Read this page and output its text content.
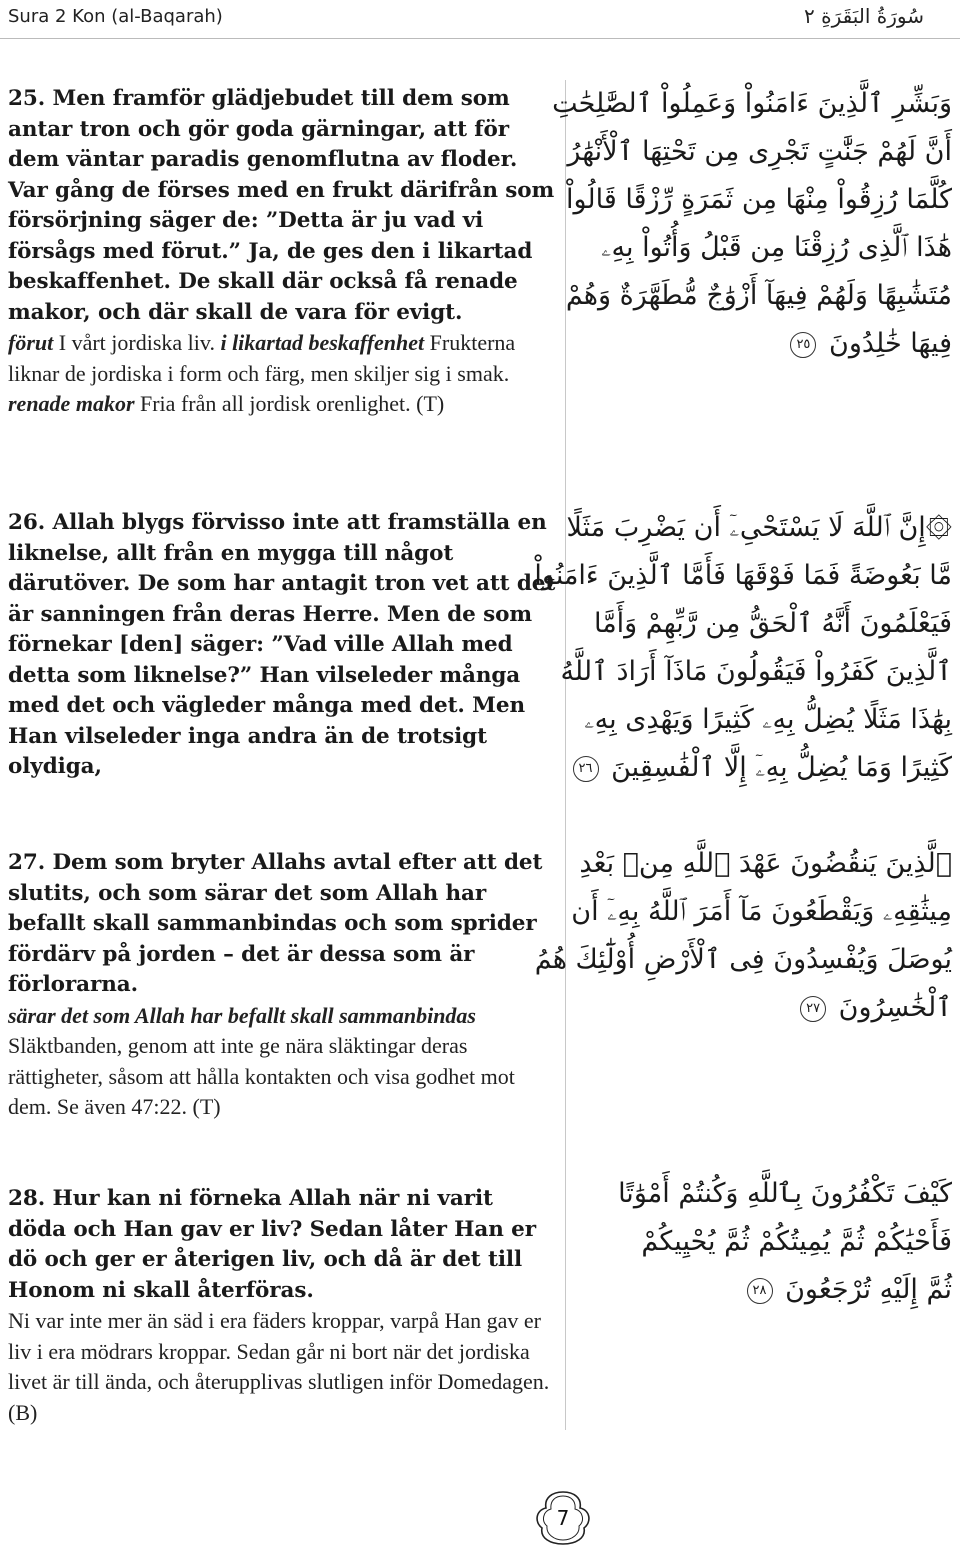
Sura 2 Kon (al-Baqarah)	سُورَةُ البَقَرَةِ ٢
25. Men framför glädjebudet till dem som antar tron och gör goda gärningar, att för dem väntar paradis genomflutna av floder. Var gång de förses med en frukt därifrån som försörjning säger de: ”Detta är ju vad vi försågs med förut.” Ja, de ges den i likartad beskaffenhet. De skall där också få renade makor, och där skall de vara för evigt.
förut I vårt jordiska liv. i likartad beskaffenhet Frukterna liknar de jordiska i form och färg, men skiljer sig i smak. renade makor Fria från all jordisk orenlighet. (T)
26. Allah blygs förvisso inte att framställa en liknelse, allt från en mygga till något därutöver. De som har antagit tron vet att det är sanningen från deras Herre. Men de som förnekar [den] säger: ”Vad ville Allah med detta som liknelse?” Han vilseleder många med det och vägleder många med det. Men Han vilseleder inga andra än de trotsigt olydiga,
27. Dem som bryter Allahs avtal efter att det slutits, och som särar det som Allah har befallt skall sammanbindas och som sprider fördärv på jorden – det är dessa som är förlorarna.
särar det som Allah har befallt skall sammanbindas Släktbanden, genom att inte ge nära släktingar deras rättigheter, såsom att hålla kontakten och visa godhet mot dem. Se även 47:22. (T)
28. Hur kan ni förneka Allah när ni varit döda och Han gav er liv? Sedan låter Han er dö och ger er återigen liv, och då är det till Honom ni skall återföras.
Ni var inte mer än säd i era fäders kroppar, varpå Han gav er liv i era mödrars kroppar. Sedan går ni bort när det jordiska livet är till ända, och återupplivas slutligen inför Domedagen. (B)
وَبَشِّرِ ٱلَّذِينَ ءَامَنُواْ وَعَمِلُواْ ٱلصَّٰلِحَٰتِ
أَنَّ لَهُمْ جَنَّٰتٍ تَجْرِى مِن تَحْتِهَا ٱلْأَنْهَٰرُ
كُلَّمَا رُزِقُواْ مِنْهَا مِن ثَمَرَةٍ رِّزْقًا قَالُواْ
هَٰذَا ٱلَّذِى رُزِقْنَا مِن قَبْلُ وَأُتُواْ بِهِۦ
مُتَشَٰبِهًا وَلَهُمْ فِيهَآ أَزْوَٰجٌ مُّطَهَّرَةٌ وَهُمْ
فِيهَا خَٰلِدُونَ ٢٥
۞إِنَّ ٱللَّهَ لَا يَسْتَحْىِۦٓ أَن يَضْرِبَ مَثَلًا
مَّا بَعُوضَةً فَمَا فَوْقَهَا فَأَمَّا ٱلَّذِينَ ءَامَنُواْ
فَيَعْلَمُونَ أَنَّهُ ٱلْحَقُّ مِن رَّبِّهِمْ وَأَمَّا
ٱلَّذِينَ كَفَرُواْ فَيَقُولُونَ مَاذَآ أَرَادَ ٱللَّهُ
بِهَٰذَا مَثَلًا يُضِلُّ بِهِۦ كَثِيرًا وَيَهْدِى بِهِۦ
كَثِيرًا وَمَا يُضِلُّ بِهِۦٓ إِلَّا ٱلْفَٰسِقِينَ ٢٦
ٱلَّذِينَ يَنقُضُونَ عَهْدَ ٱللَّهِ مِنۢ بَعْدِ
مِيثَٰقِهِۦ وَيَقْطَعُونَ مَآ أَمَرَ ٱللَّهُ بِهِۦٓ أَن
يُوصَلَ وَيُفْسِدُونَ فِى ٱلْأَرْضِ أُوْلَٰٓئِكَ هُمُ
ٱلْخَٰسِرُونَ ٢٧
كَيْفَ تَكْفُرُونَ بِٱللَّهِ وَكُنتُمْ أَمْوَٰتًا
فَأَحْيَٰكُمْ ثُمَّ يُمِيتُكُمْ ثُمَّ يُحْيِيكُمْ
ثُمَّ إِلَيْهِ تُرْجَعُونَ ٢٨
7
